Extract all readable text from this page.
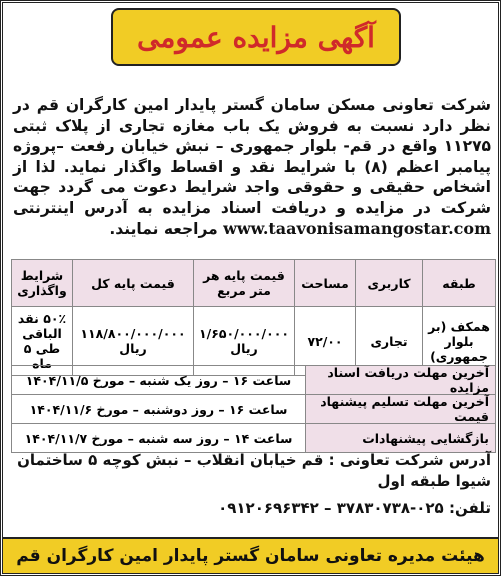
آگهی مزایده عمومی
شرکت تعاونی مسکن سامان گستر پایدار امین کارگران قم در نظر دارد نسبت به فروش یک باب مغازه تجاری از پلاک ثبتی ۱۱۲۷۵ واقع در قم- بلوار جمهوری – نبش خیابان رفعت –پروژه پیامبر اعظم (۸) با شرایط نقد و اقساط واگذار نماید. لذا از اشخاص حقیقی و حقوقی واجد شرایط دعوت می گردد جهت شرکت در مزایده و دریافت اسناد مزایده به آدرس اینترنتی www.taavonisamangostar.com مراجعه نمایند.
طبقه	کاربری	مساحت	قیمت پایه هر متر مربع	قیمت پایه کل	شرایط واگذاری
همکف (بر بلوار جمهوری)	تجاری	۷۲/۰۰	۱/۶۵۰/۰۰۰/۰۰۰ ریال	۱۱۸/۸۰۰/۰۰۰/۰۰۰ ریال	۵۰٪ نقد الباقی طی ۵ ماه
آخرین مهلت دریافت اسناد مزایده
ساعت ۱۶ – روز یک شنبه – مورخ ۱۴۰۴/۱۱/۵
آخرین مهلت تسلیم پیشنهاد قیمت
ساعت ۱۶ – روز دوشنبه – مورخ ۱۴۰۴/۱۱/۶
بازگشایی پیشنهادات
ساعت ۱۴ – روز سه شنبه – مورخ ۱۴۰۴/۱۱/۷
آدرس شرکت تعاونی : قم خیابان انقلاب – نبش کوچه ۵ ساختمان شیوا طبقه اول
تلفن: ۰۲۵-۳۷۸۳۰۷۳۸ – ۰۹۱۲۰۶۹۶۳۴۲
هیئت مدیره تعاونی سامان گستر پایدار امین کارگران قم
